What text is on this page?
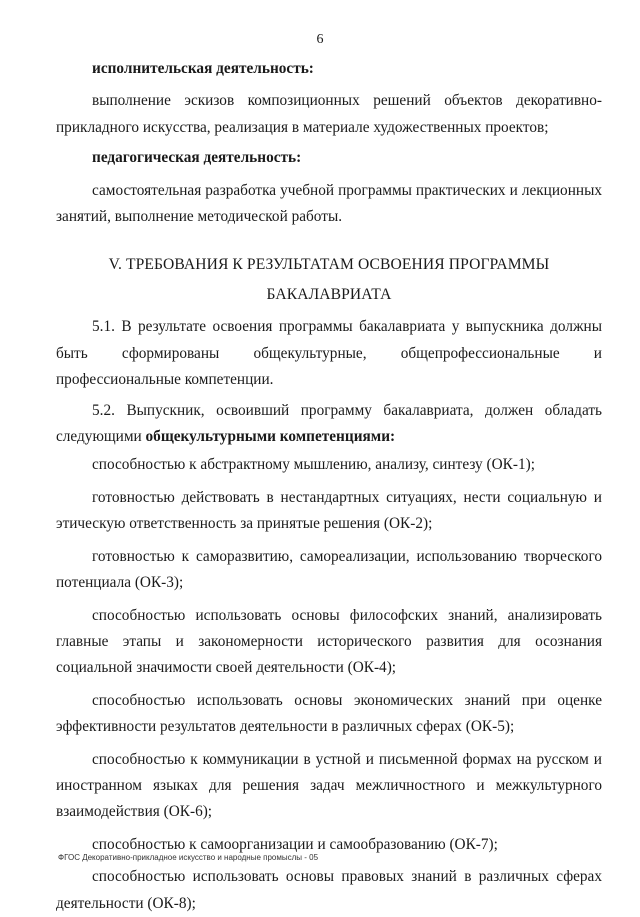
6

исполнительская деятельность:

выполнение эскизов композиционных решений объектов декоративно-прикладного искусства, реализация в материале художественных проектов;

педагогическая деятельность:

самостоятельная разработка учебной программы практических и лекционных занятий, выполнение методической работы.

V. ТРЕБОВАНИЯ К РЕЗУЛЬТАТАМ ОСВОЕНИЯ ПРОГРАММЫ
БАКАЛАВРИАТА

5.1. В результате освоения программы бакалавриата у выпускника должны быть сформированы общекультурные, общепрофессиональные и профессиональные компетенции.

5.2. Выпускник, освоивший программу бакалавриата, должен обладать следующими общекультурными компетенциями:

способностью к абстрактному мышлению, анализу, синтезу (ОК-1);

готовностью действовать в нестандартных ситуациях, нести социальную и этическую ответственность за принятые решения (ОК-2);

готовностью к саморазвитию, самореализации, использованию творческого потенциала (ОК-3);

способностью использовать основы философских знаний, анализировать главные этапы и закономерности исторического развития для осознания социальной значимости своей деятельности (ОК-4);

способностью использовать основы экономических знаний при оценке эффективности результатов деятельности в различных сферах (ОК-5);

способностью к коммуникации в устной и письменной формах на русском и иностранном языках для решения задач межличностного и межкультурного взаимодействия (ОК-6);

способностью к самоорганизации и самообразованию (ОК-7);

способностью использовать основы правовых знаний в различных сферах деятельности (ОК-8);

ФГОС Декоративно-прикладное искусство и народные промыслы - 05
